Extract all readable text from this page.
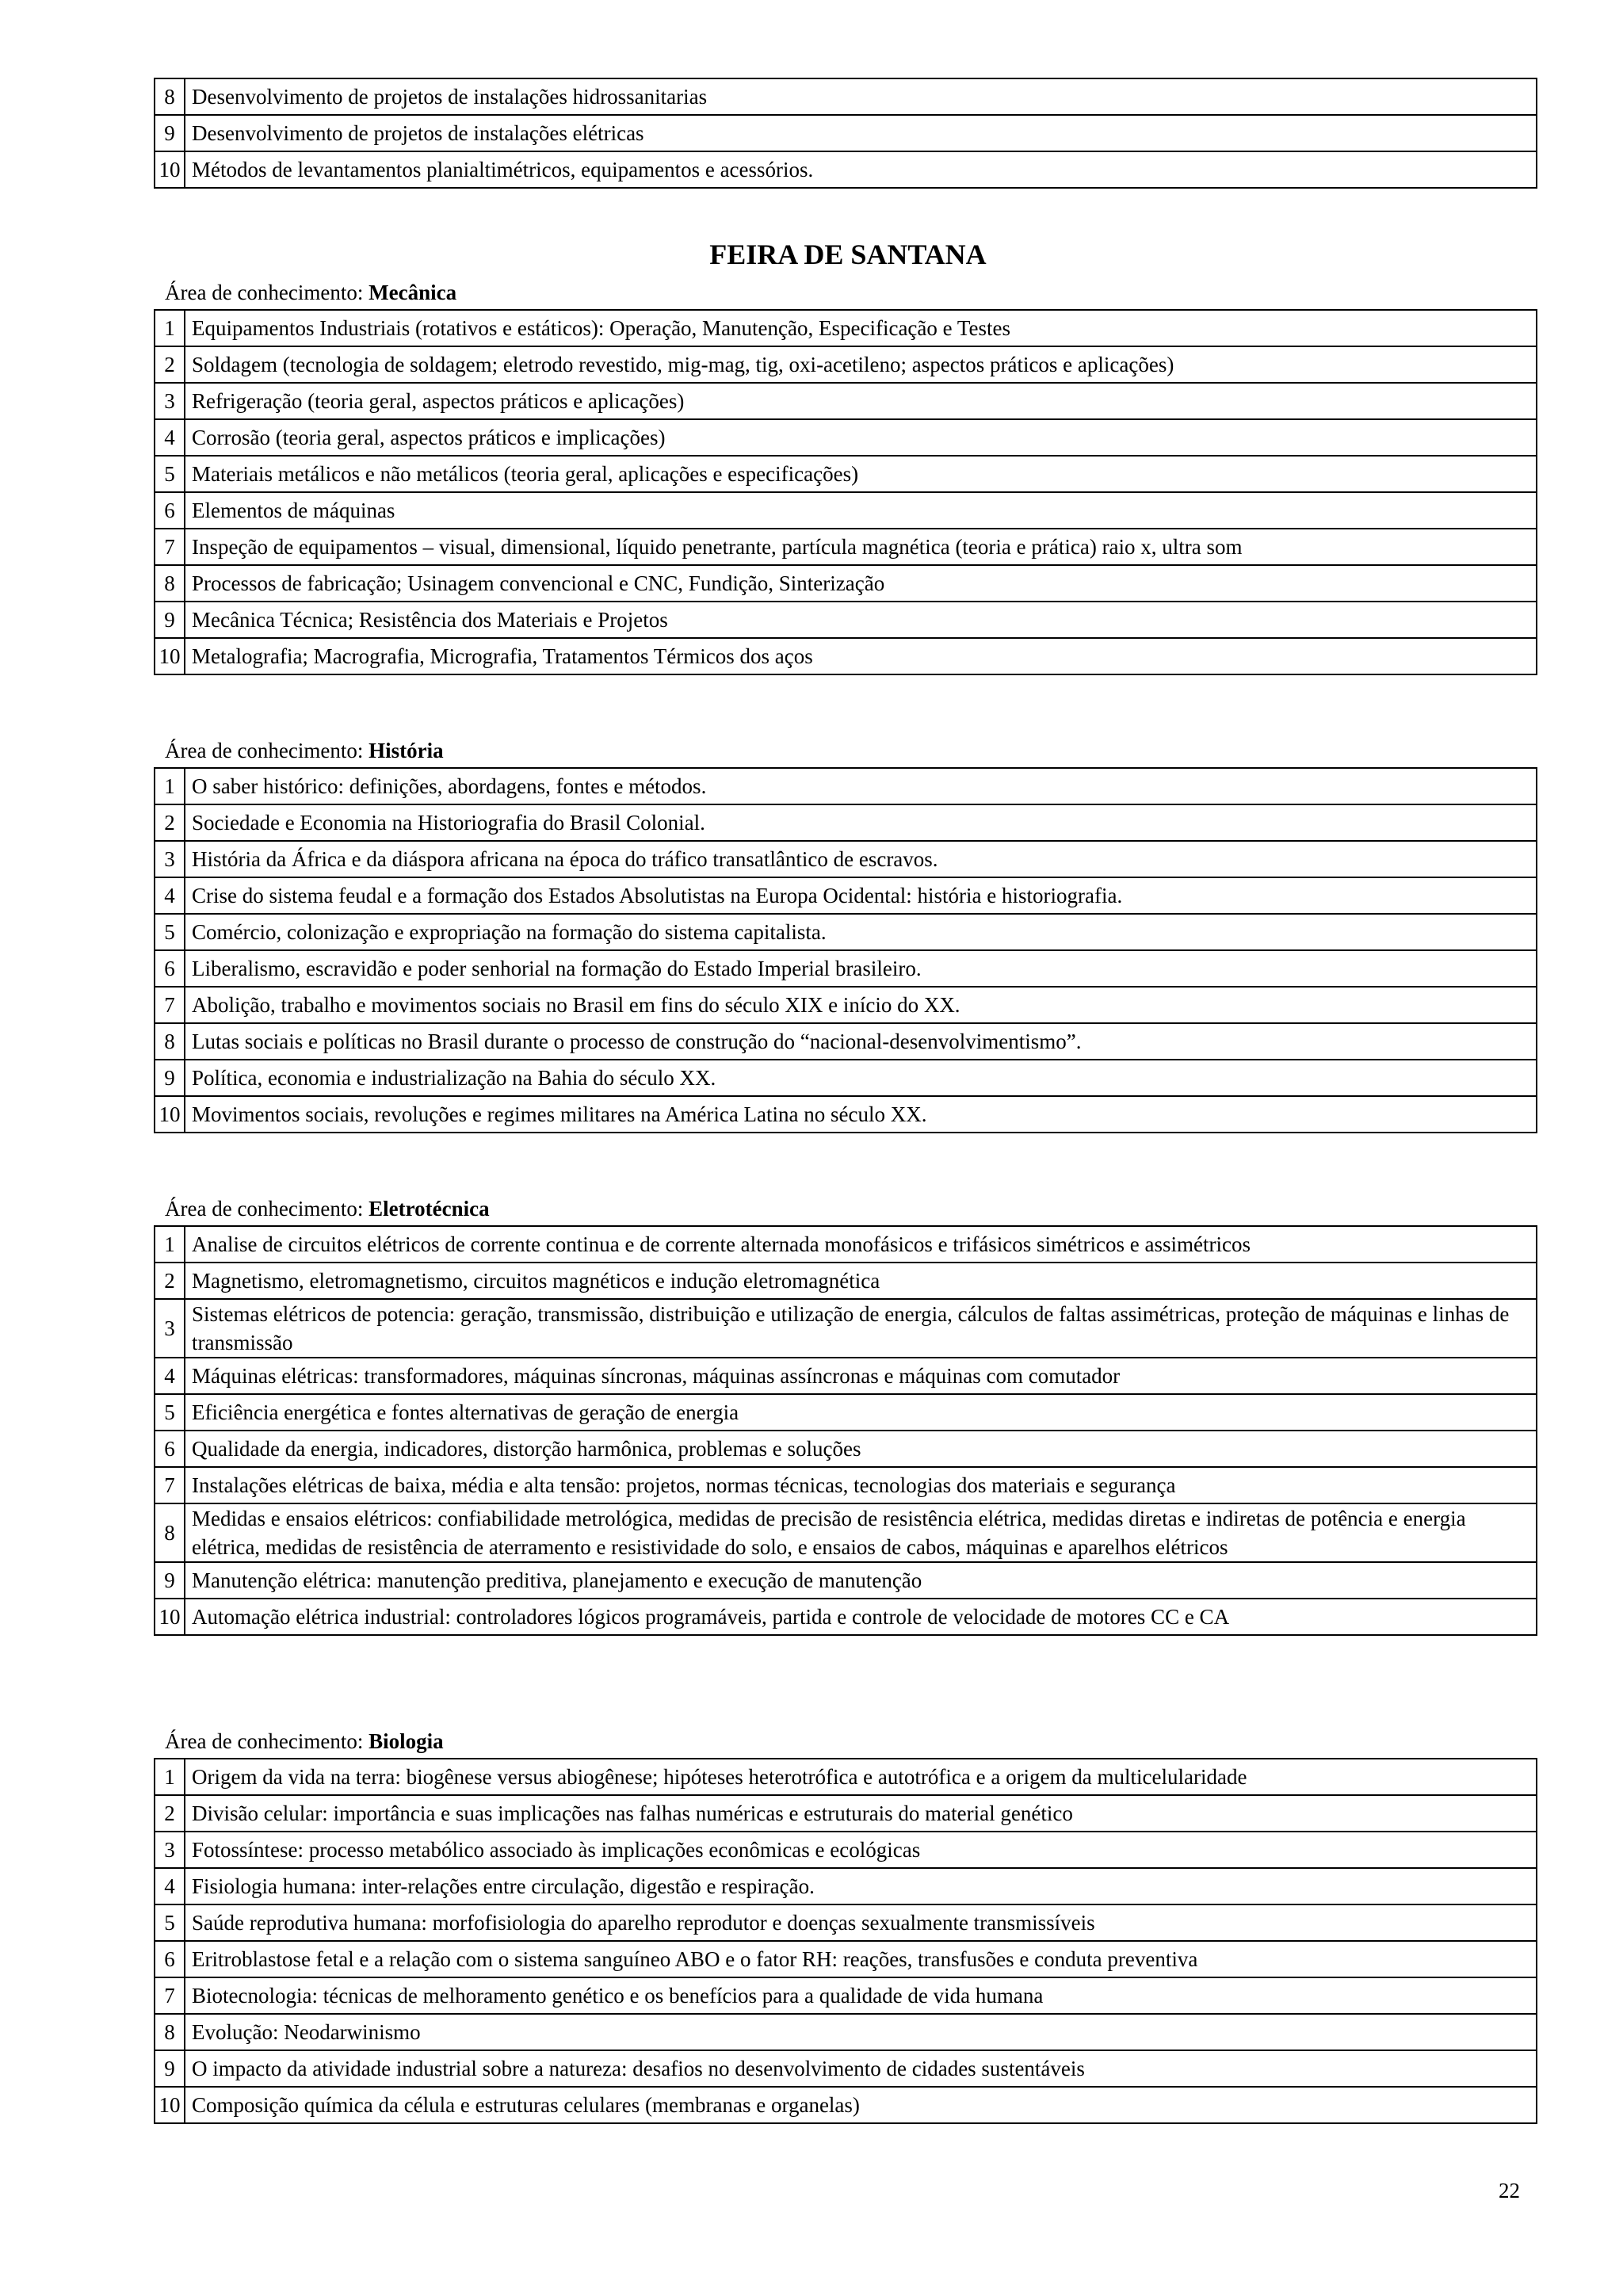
8	Desenvolvimento de projetos de instalações hidrossanitarias
9	Desenvolvimento de projetos de instalações elétricas
10	Métodos de levantamentos planialtimétricos, equipamentos e acessórios.
FEIRA DE SANTANA
Área de conhecimento: Mecânica
1	Equipamentos Industriais (rotativos e estáticos): Operação, Manutenção, Especificação e Testes
2	Soldagem (tecnologia de soldagem; eletrodo revestido, mig-mag, tig, oxi-acetileno; aspectos práticos e aplicações)
3	Refrigeração (teoria geral, aspectos práticos e aplicações)
4	Corrosão (teoria geral, aspectos práticos e implicações)
5	Materiais metálicos e não metálicos (teoria geral, aplicações e especificações)
6	Elementos de máquinas
7	Inspeção de equipamentos – visual, dimensional, líquido penetrante, partícula magnética (teoria e prática) raio x, ultra som
8	Processos de fabricação; Usinagem convencional e CNC, Fundição, Sinterização
9	Mecânica Técnica; Resistência dos Materiais e Projetos
10	Metalografia; Macrografia, Micrografia, Tratamentos Térmicos dos aços
Área de conhecimento: História
1	O saber histórico: definições, abordagens, fontes e métodos.
2	Sociedade e Economia na Historiografia do Brasil Colonial.
3	História da África e da diáspora africana na época do tráfico transatlântico de escravos.
4	Crise do sistema feudal e a formação dos Estados Absolutistas na Europa Ocidental: história e historiografia.
5	Comércio, colonização e expropriação na formação do sistema capitalista.
6	Liberalismo, escravidão e poder senhorial na formação do Estado Imperial brasileiro.
7	Abolição, trabalho e movimentos sociais no Brasil em fins do século XIX e início do XX.
8	Lutas sociais e políticas no Brasil durante o processo de construção do “nacional-desenvolvimentismo”.
9	Política, economia e industrialização na Bahia do século XX.
10	Movimentos sociais, revoluções e regimes militares na América Latina no século XX.
Área de conhecimento: Eletrotécnica
1	Analise de circuitos elétricos de corrente continua e de corrente alternada monofásicos e trifásicos simétricos e assimétricos
2	Magnetismo, eletromagnetismo, circuitos magnéticos e indução eletromagnética
3	Sistemas elétricos de potencia: geração, transmissão, distribuição e utilização de energia, cálculos de faltas assimétricas, proteção de máquinas e linhas de transmissão
4	Máquinas elétricas: transformadores, máquinas síncronas, máquinas assíncronas e máquinas com comutador
5	Eficiência energética e fontes alternativas de geração de energia
6	Qualidade da energia, indicadores, distorção harmônica, problemas e soluções
7	Instalações elétricas de baixa, média e alta tensão: projetos, normas técnicas, tecnologias dos materiais e segurança
8	Medidas e ensaios elétricos: confiabilidade metrológica, medidas de precisão de resistência elétrica, medidas diretas e indiretas de potência e energia elétrica, medidas de resistência de aterramento e resistividade do solo, e ensaios de cabos, máquinas e aparelhos elétricos
9	Manutenção elétrica: manutenção preditiva, planejamento e execução de manutenção
10	Automação elétrica industrial: controladores lógicos programáveis, partida e controle de velocidade de motores CC e CA
Área de conhecimento: Biologia
1	Origem da vida na terra: biogênese versus abiogênese; hipóteses heterotrófica e autotrófica e a origem da multicelularidade
2	Divisão celular: importância e suas implicações nas falhas numéricas e estruturais do material genético
3	Fotossíntese: processo metabólico associado às implicações econômicas e ecológicas
4	Fisiologia humana: inter-relações entre circulação, digestão e respiração.
5	Saúde reprodutiva humana: morfofisiologia do aparelho reprodutor e doenças sexualmente transmissíveis
6	Eritroblastose fetal e a relação com o sistema sanguíneo ABO e o fator RH: reações, transfusões e conduta preventiva
7	Biotecnologia: técnicas de melhoramento genético e os benefícios para a qualidade de vida humana
8	Evolução: Neodarwinismo
9	O impacto da atividade industrial sobre a natureza: desafios no desenvolvimento de cidades sustentáveis
10	Composição química da célula e estruturas celulares (membranas e organelas)
22
